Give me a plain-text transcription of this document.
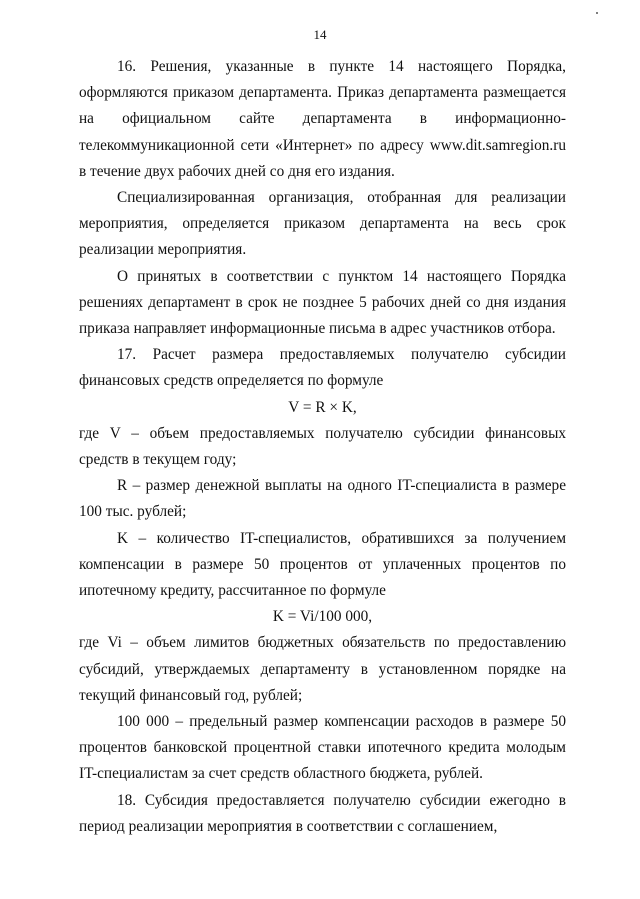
14

16. Решения, указанные в пункте 14 настоящего Порядка, оформляются приказом департамента. Приказ департамента размещается на официальном сайте департамента в информационно-телекоммуникационной сети «Интернет» по адресу www.dit.samregion.ru в течение двух рабочих дней со дня его издания.

Специализированная организация, отобранная для реализации мероприятия, определяется приказом департамента на весь срок реализации мероприятия.

О принятых в соответствии с пунктом 14 настоящего Порядка решениях департамент в срок не позднее 5 рабочих дней со дня издания приказа направляет информационные письма в адрес участников отбора.

17. Расчет размера предоставляемых получателю субсидии финансовых средств определяется по формуле

V = R × K,

где V – объем предоставляемых получателю субсидии финансовых средств в текущем году;

R – размер денежной выплаты на одного IT-специалиста в размере 100 тыс. рублей;

K – количество IT-специалистов, обратившихся за получением компенсации в размере 50 процентов от уплаченных процентов по ипотечному кредиту, рассчитанное по формуле

K = Vi/100 000,

где Vi – объем лимитов бюджетных обязательств по предоставлению субсидий, утверждаемых департаменту в установленном порядке на текущий финансовый год, рублей;

100 000 – предельный размер компенсации расходов в размере 50 процентов банковской процентной ставки ипотечного кредита молодым IT-специалистам за счет средств областного бюджета, рублей.

18. Субсидия предоставляется получателю субсидии ежегодно в период реализации мероприятия в соответствии с соглашением,
